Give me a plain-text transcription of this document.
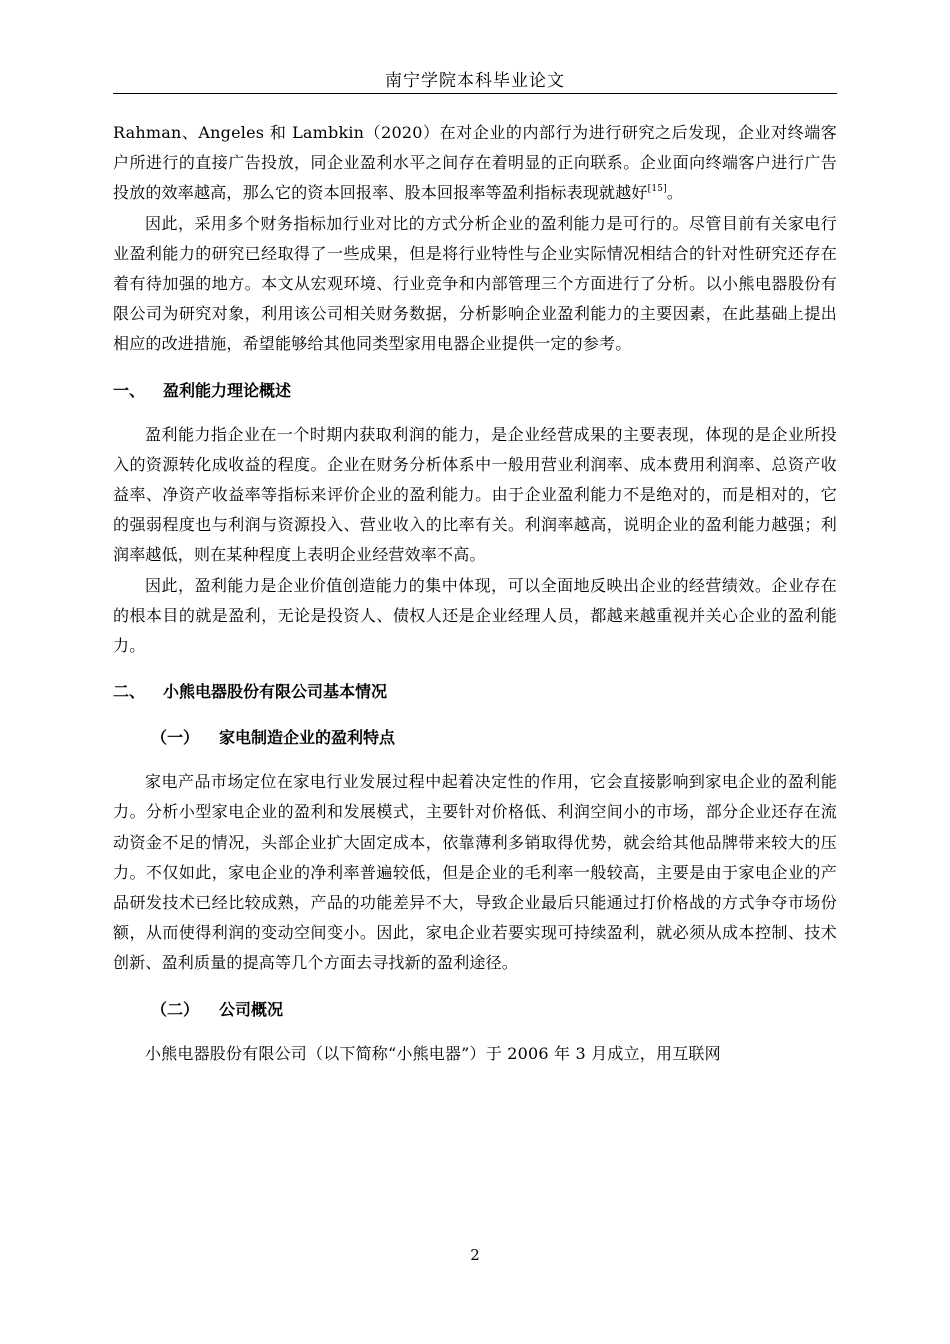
南宁学院本科毕业论文

Rahman、Angeles 和 Lambkin（2020）在对企业的内部行为进行研究之后发现，企业对终端客户所进行的直接广告投放，同企业盈利水平之间存在着明显的正向联系。企业面向终端客户进行广告投放的效率越高，那么它的资本回报率、股本回报率等盈利指标表现就越好[15]。

因此，采用多个财务指标加行业对比的方式分析企业的盈利能力是可行的。尽管目前有关家电行业盈利能力的研究已经取得了一些成果，但是将行业特性与企业实际情况相结合的针对性研究还存在着有待加强的地方。本文从宏观环境、行业竞争和内部管理三个方面进行了分析。以小熊电器股份有限公司为研究对象，利用该公司相关财务数据，分析影响企业盈利能力的主要因素，在此基础上提出相应的改进措施，希望能够给其他同类型家用电器企业提供一定的参考。

一、 盈利能力理论概述

盈利能力指企业在一个时期内获取利润的能力，是企业经营成果的主要表现，体现的是企业所投入的资源转化成收益的程度。企业在财务分析体系中一般用营业利润率、成本费用利润率、总资产收益率、净资产收益率等指标来评价企业的盈利能力。由于企业盈利能力不是绝对的，而是相对的，它的强弱程度也与利润与资源投入、营业收入的比率有关。利润率越高，说明企业的盈利能力越强；利润率越低，则在某种程度上表明企业经营效率不高。

因此，盈利能力是企业价值创造能力的集中体现，可以全面地反映出企业的经营绩效。企业存在的根本目的就是盈利，无论是投资人、债权人还是企业经理人员，都越来越重视并关心企业的盈利能力。

二、 小熊电器股份有限公司基本情况
（一） 家电制造企业的盈利特点

家电产品市场定位在家电行业发展过程中起着决定性的作用，它会直接影响到家电企业的盈利能力。分析小型家电企业的盈利和发展模式，主要针对价格低、利润空间小的市场，部分企业还存在流动资金不足的情况，头部企业扩大固定成本，依靠薄利多销取得优势，就会给其他品牌带来较大的压力。不仅如此，家电企业的净利率普遍较低，但是企业的毛利率一般较高，主要是由于家电企业的产品研发技术已经比较成熟，产品的功能差异不大，导致企业最后只能通过打价格战的方式争夺市场份额，从而使得利润的变动空间变小。因此，家电企业若要实现可持续盈利，就必须从成本控制、技术创新、盈利质量的提高等几个方面去寻找新的盈利途径。

（二） 公司概况

小熊电器股份有限公司（以下简称“小熊电器”）于 2006 年 3 月成立，用互联网

2
